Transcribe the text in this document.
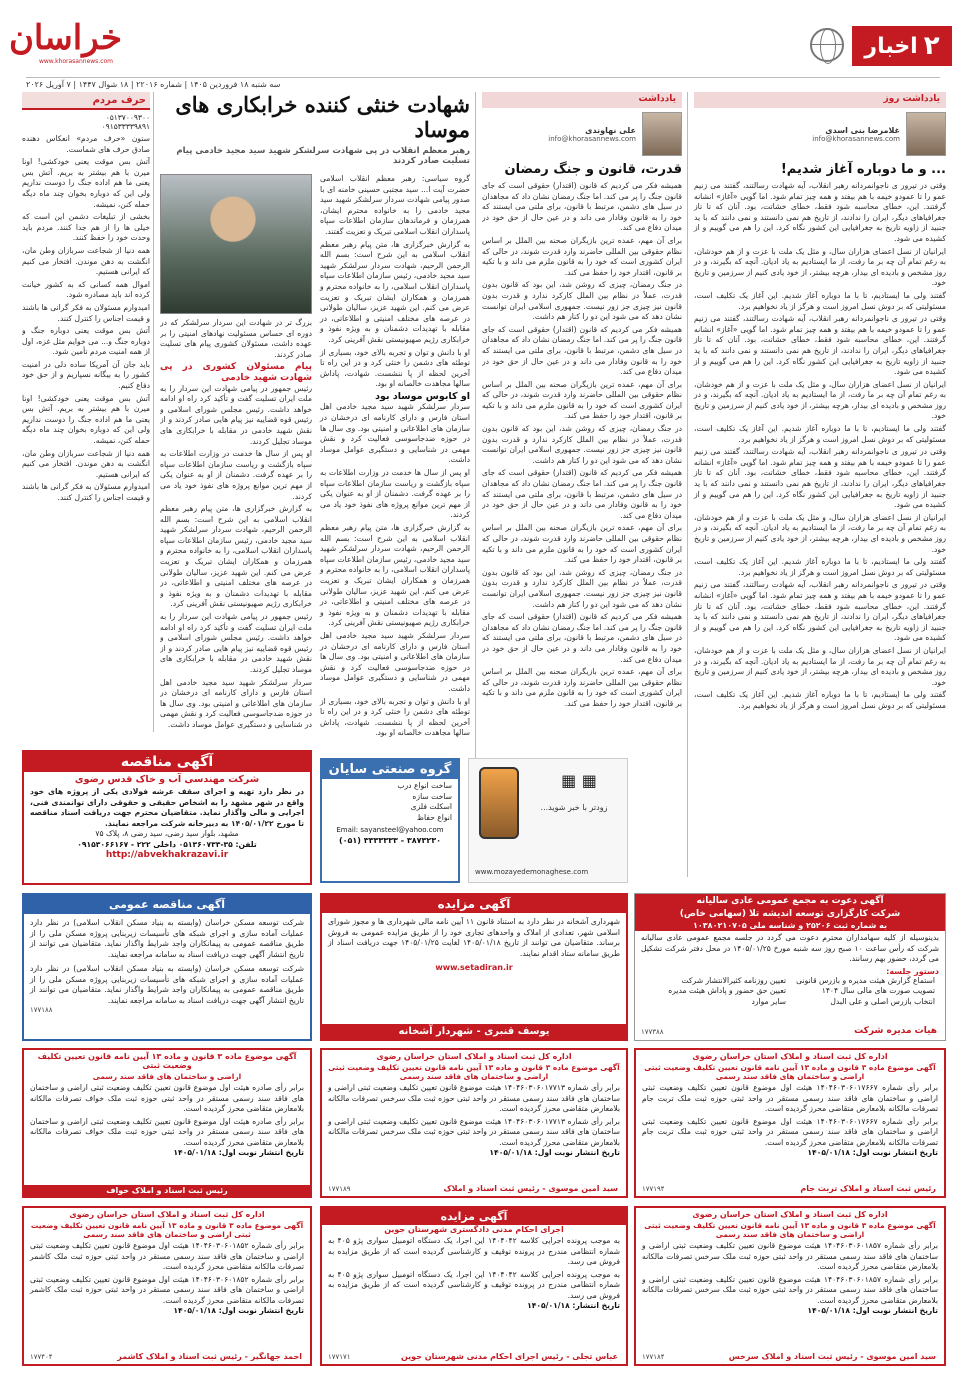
خراسان
www.khorasannews.com
۲
اخبار
سه شنبه ۱۸ فروردین ۱۴۰۵ | شماره ۲۲۰۱۶ | ۱۸ شوال ۱۴۴۷ | ۷ آوریل ۲۰۲۶
یادداشت روز
غلامرضا بنی اسدی
info@khorasannews.com
... و ما دوباره آغاز شدیم!

وقتی در تیرور ی ناجوانمردانه رهبر انقلاب، آیه شهادت رسالتند، گفتند می زنیم عمو را تا عمودو خیمه با هم بیفتد و همه چیز تمام شود. اما گویی «آغاز» انشانه گرفتند. این، خطای محاسبه شود فقط، خطای خشاتت، بود. آنان که تا تاز جغرافیاهای دیگر، ایران را ندادند، از تاریخ هم نمی دانستند و نمی دانند که با ید جنبید از زاویه تاریخ به جغرافیایی این کشور نگاه کرد. این را هم می گوییم و از کشیده می شود.

ایرانیان از نسل اعضای هزاران سال، و مثل یک ملت با عزت و از هم خودشان، به رغم تمام آن چه بر ما رفت، از ما ایستادیم به یاد ادیان. آنچه که بگیرند، و در روز مشخص و بادیده ای بیدار، هرچه بیشتر، از خود یادی کنیم از سرزمین و تاریخ خود.

گفتند ولی ما ایستادیم، تا با ما دوباره آغاز شدیم. این آغاز یک تکلیف است، مسئولیتی که بر دوش نسل امروز است و هرگز از یاد نخواهیم برد.

وقتی در تیرور ی ناجوانمردانه رهبر انقلاب، آیه شهادت رسالتند، گفتند می زنیم عمو را تا عمودو خیمه با هم بیفتد و همه چیز تمام شود. اما گویی «آغاز» انشانه گرفتند. این، خطای محاسبه شود فقط، خطای خشاتت، بود. آنان که تا تاز جغرافیاهای دیگر، ایران را ندادند، از تاریخ هم نمی دانستند و نمی دانند که با ید جنبید از زاویه تاریخ به جغرافیایی این کشور نگاه کرد. این را هم می گوییم و از کشیده می شود.

ایرانیان از نسل اعضای هزاران سال، و مثل یک ملت با عزت و از هم خودشان، به رغم تمام آن چه بر ما رفت، از ما ایستادیم به یاد ادیان. آنچه که بگیرند، و در روز مشخص و بادیده ای بیدار، هرچه بیشتر، از خود یادی کنیم از سرزمین و تاریخ خود.

گفتند ولی ما ایستادیم، تا با ما دوباره آغاز شدیم. این آغاز یک تکلیف است، مسئولیتی که بر دوش نسل امروز است و هرگز از یاد نخواهیم برد.

وقتی در تیرور ی ناجوانمردانه رهبر انقلاب، آیه شهادت رسالتند، گفتند می زنیم عمو را تا عمودو خیمه با هم بیفتد و همه چیز تمام شود. اما گویی «آغاز» انشانه گرفتند. این، خطای محاسبه شود فقط، خطای خشاتت، بود. آنان که تا تاز جغرافیاهای دیگر، ایران را ندادند، از تاریخ هم نمی دانستند و نمی دانند که با ید جنبید از زاویه تاریخ به جغرافیایی این کشور نگاه کرد. این را هم می گوییم و از کشیده می شود.

ایرانیان از نسل اعضای هزاران سال، و مثل یک ملت با عزت و از هم خودشان، به رغم تمام آن چه بر ما رفت، از ما ایستادیم به یاد ادیان. آنچه که بگیرند، و در روز مشخص و بادیده ای بیدار، هرچه بیشتر، از خود یادی کنیم از سرزمین و تاریخ خود.

گفتند ولی ما ایستادیم، تا با ما دوباره آغاز شدیم. این آغاز یک تکلیف است، مسئولیتی که بر دوش نسل امروز است و هرگز از یاد نخواهیم برد.

وقتی در تیرور ی ناجوانمردانه رهبر انقلاب، آیه شهادت رسالتند، گفتند می زنیم عمو را تا عمودو خیمه با هم بیفتد و همه چیز تمام شود. اما گویی «آغاز» انشانه گرفتند. این، خطای محاسبه شود فقط، خطای خشاتت، بود. آنان که تا تاز جغرافیاهای دیگر، ایران را ندادند، از تاریخ هم نمی دانستند و نمی دانند که با ید جنبید از زاویه تاریخ به جغرافیایی این کشور نگاه کرد. این را هم می گوییم و از کشیده می شود.

ایرانیان از نسل اعضای هزاران سال، و مثل یک ملت با عزت و از هم خودشان، به رغم تمام آن چه بر ما رفت، از ما ایستادیم به یاد ادیان. آنچه که بگیرند، و در روز مشخص و بادیده ای بیدار، هرچه بیشتر، از خود یادی کنیم از سرزمین و تاریخ خود.

گفتند ولی ما ایستادیم، تا با ما دوباره آغاز شدیم. این آغاز یک تکلیف است، مسئولیتی که بر دوش نسل امروز است و هرگز از یاد نخواهیم برد.

یادداشت
علی نهاوندی
info@khorasannews.com
قدرت، قانون و جنگ رمضان

همیشه فکر می کردیم که قانون (اقتدار) حقوقی است که جای قانون جنگ را پر می کند. اما جنگ رمضان نشان داد که مجاهدان در سیل های دشمن، مرتبط با قانون، برای ملتی می ایستند که خود را به قانون وفادار می داند و در عین حال از حق خود در میدان دفاع می کند.

برای آن مهم، عمده ترین بازیگران صحنه بین الملل بر اساس نظام حقوقی بین المللی حاضرند وارد قدرت شوند، در حالی که ایران کشوری است که خود را به قانون ملزم می داند و با تکیه بر قانون، اقتدار خود را حفظ می کند.

در جنگ رمضان، چیزی که روشن شد، این بود که قانون بدون قدرت، عملاً در نظام بین الملل کارکرد ندارد و قدرت بدون قانون نیز چیزی جز زور نیست. جمهوری اسلامی ایران توانست نشان دهد که می شود این دو را کنار هم داشت.

همیشه فکر می کردیم که قانون (اقتدار) حقوقی است که جای قانون جنگ را پر می کند. اما جنگ رمضان نشان داد که مجاهدان در سیل های دشمن، مرتبط با قانون، برای ملتی می ایستند که خود را به قانون وفادار می داند و در عین حال از حق خود در میدان دفاع می کند.

برای آن مهم، عمده ترین بازیگران صحنه بین الملل بر اساس نظام حقوقی بین المللی حاضرند وارد قدرت شوند، در حالی که ایران کشوری است که خود را به قانون ملزم می داند و با تکیه بر قانون، اقتدار خود را حفظ می کند.

در جنگ رمضان، چیزی که روشن شد، این بود که قانون بدون قدرت، عملاً در نظام بین الملل کارکرد ندارد و قدرت بدون قانون نیز چیزی جز زور نیست. جمهوری اسلامی ایران توانست نشان دهد که می شود این دو را کنار هم داشت.

همیشه فکر می کردیم که قانون (اقتدار) حقوقی است که جای قانون جنگ را پر می کند. اما جنگ رمضان نشان داد که مجاهدان در سیل های دشمن، مرتبط با قانون، برای ملتی می ایستند که خود را به قانون وفادار می داند و در عین حال از حق خود در میدان دفاع می کند.

برای آن مهم، عمده ترین بازیگران صحنه بین الملل بر اساس نظام حقوقی بین المللی حاضرند وارد قدرت شوند، در حالی که ایران کشوری است که خود را به قانون ملزم می داند و با تکیه بر قانون، اقتدار خود را حفظ می کند.

در جنگ رمضان، چیزی که روشن شد، این بود که قانون بدون قدرت، عملاً در نظام بین الملل کارکرد ندارد و قدرت بدون قانون نیز چیزی جز زور نیست. جمهوری اسلامی ایران توانست نشان دهد که می شود این دو را کنار هم داشت.

همیشه فکر می کردیم که قانون (اقتدار) حقوقی است که جای قانون جنگ را پر می کند. اما جنگ رمضان نشان داد که مجاهدان در سیل های دشمن، مرتبط با قانون، برای ملتی می ایستند که خود را به قانون وفادار می داند و در عین حال از حق خود در میدان دفاع می کند.

برای آن مهم، عمده ترین بازیگران صحنه بین الملل بر اساس نظام حقوقی بین المللی حاضرند وارد قدرت شوند، در حالی که ایران کشوری است که خود را به قانون ملزم می داند و با تکیه بر قانون، اقتدار خود را حفظ می کند.

شهادت خنثی کننده خرابکاری های موساد
رهبر معظم انقلاب در پی شهادت سرلشکر شهید سید مجید خادمی پیام تسلیت صادر کردند

گروه سیاسی: رهبر معظم انقلاب اسلامی حضرت آیت ا... سید مجتبی حسینی خامنه ای با صدور پیامی شهادت سردار سرلشکر شهید سید مجید خادمی را به خانواده محترم ایشان، همرزمان و فرماندهان سازمان اطلاعات سپاه پاسداران انقلاب اسلامی تبریک و تعزیت گفتند.

به گزارش خبرگزاری ها، متن پیام رهبر معظم انقلاب اسلامی به این شرح است: بسم الله الرحمن الرحیم، شهادت سردار سرلشکر شهید سید مجید خادمی، رئیس سازمان اطلاعات سپاه پاسداران انقلاب اسلامی، را به خانواده محترم و همرزمان و همکاران ایشان تبریک و تعزیت عرض می کنم. این شهید عزیز، سالیان طولانی در عرصه های مختلف امنیتی و اطلاعاتی، در مقابله با تهدیدات دشمنان و به ویژه نفوذ و خرابکاری رژیم صهیونیستی نقش آفرینی کرد.

او با دانش و توان و تجربه بالای خود، بسیاری از توطئه های دشمن را خنثی کرد و در این راه تا آخرین لحظه از پا ننشست. شهادت، پاداش سالها مجاهدت خالصانه او بود.

او کابوس موساد بود

سردار سرلشکر شهید سید مجید خادمی اهل استان فارس و دارای کارنامه ای درخشان در سازمان های اطلاعاتی و امنیتی بود. وی سال ها در حوزه ضدجاسوسی فعالیت کرد و نقش مهمی در شناسایی و دستگیری عوامل موساد داشت.

او پس از سال ها خدمت در وزارت اطلاعات به سپاه بازگشت و ریاست سازمان اطلاعات سپاه را بر عهده گرفت. دشمنان از او به عنوان یکی از مهم ترین موانع پروژه های نفوذ خود یاد می کردند.

به گزارش خبرگزاری ها، متن پیام رهبر معظم انقلاب اسلامی به این شرح است: بسم الله الرحمن الرحیم، شهادت سردار سرلشکر شهید سید مجید خادمی، رئیس سازمان اطلاعات سپاه پاسداران انقلاب اسلامی، را به خانواده محترم و همرزمان و همکاران ایشان تبریک و تعزیت عرض می کنم. این شهید عزیز، سالیان طولانی در عرصه های مختلف امنیتی و اطلاعاتی، در مقابله با تهدیدات دشمنان و به ویژه نفوذ و خرابکاری رژیم صهیونیستی نقش آفرینی کرد.

سردار سرلشکر شهید سید مجید خادمی اهل استان فارس و دارای کارنامه ای درخشان در سازمان های اطلاعاتی و امنیتی بود. وی سال ها در حوزه ضدجاسوسی فعالیت کرد و نقش مهمی در شناسایی و دستگیری عوامل موساد داشت.

او با دانش و توان و تجربه بالای خود، بسیاری از توطئه های دشمن را خنثی کرد و در این راه تا آخرین لحظه از پا ننشست. شهادت، پاداش سالها مجاهدت خالصانه او بود.

بزرگ تر در شهادت این سردار سرلشکر که در دوره ای حساس مسئولیت نهادهای امنیتی را بر عهده داشت، مسئولان کشوری پیام های تسلیت صادر کردند.

پیام مسئولان کشوری در پی شهادت شهید خادمی

رئیس جمهور در پیامی شهادت این سردار را به ملت ایران تسلیت گفت و تأکید کرد راه او ادامه خواهد داشت. رئیس مجلس شورای اسلامی و رئیس قوه قضاییه نیز پیام هایی صادر کردند و از نقش شهید خادمی در مقابله با خرابکاری های موساد تجلیل کردند.

او پس از سال ها خدمت در وزارت اطلاعات به سپاه بازگشت و ریاست سازمان اطلاعات سپاه را بر عهده گرفت. دشمنان از او به عنوان یکی از مهم ترین موانع پروژه های نفوذ خود یاد می کردند.

به گزارش خبرگزاری ها، متن پیام رهبر معظم انقلاب اسلامی به این شرح است: بسم الله الرحمن الرحیم، شهادت سردار سرلشکر شهید سید مجید خادمی، رئیس سازمان اطلاعات سپاه پاسداران انقلاب اسلامی، را به خانواده محترم و همرزمان و همکاران ایشان تبریک و تعزیت عرض می کنم. این شهید عزیز، سالیان طولانی در عرصه های مختلف امنیتی و اطلاعاتی، در مقابله با تهدیدات دشمنان و به ویژه نفوذ و خرابکاری رژیم صهیونیستی نقش آفرینی کرد.

رئیس جمهور در پیامی شهادت این سردار را به ملت ایران تسلیت گفت و تأکید کرد راه او ادامه خواهد داشت. رئیس مجلس شورای اسلامی و رئیس قوه قضاییه نیز پیام هایی صادر کردند و از نقش شهید خادمی در مقابله با خرابکاری های موساد تجلیل کردند.

سردار سرلشکر شهید سید مجید خادمی اهل استان فارس و دارای کارنامه ای درخشان در سازمان های اطلاعاتی و امنیتی بود. وی سال ها در حوزه ضدجاسوسی فعالیت کرد و نقش مهمی در شناسایی و دستگیری عوامل موساد داشت.

حرف مردم
۰۵۱۳۷۰۰۹۳۰۰
۰۹۱۵۳۳۳۳۹۸۹۱

ستون «حرف مردم» انعکاس دهنده صادق حرف های شماست.

آتش بس موقت یعنی خودکشی! اونا میرن با هم بیشتر به بریم. آتش بس یعنی ما هم اداده جنگ را دوست نداریم ولی این که دوباره بخوان چند ماه دیگه حمله کنن، نمیشه.

بخشی از تبلیغات دشمن این است که خیلی ها را از هم جدا کنند. مردم باید وحدت خود را حفظ کنند.

همه دنیا از شجاعت سربازان وطن مان، انگشت به دهن موندن. افتخار می کنیم که ایرانی هستیم.

اموال همه کسانی که به کشور خیانت کرده اند باید مصادره شود.

امیدوارم مسئولان به فکر گرانی ها باشند و قیمت اجناس را کنترل کنند.

آتش بس موقت یعنی دوباره جنگ و دوباره جنگ و... می خوایم مثل غزه، اول از همه امنیت مردم تأمین شود.

باید جان آن آمریکا ساده دلی در امنیت کشور را به بیگانه نسپاریم و از حق خود دفاع کنیم.

آتش بس موقت یعنی خودکشی! اونا میرن با هم بیشتر به بریم. آتش بس یعنی ما هم اداده جنگ را دوست نداریم ولی این که دوباره بخوان چند ماه دیگه حمله کنن، نمیشه.

همه دنیا از شجاعت سربازان وطن مان، انگشت به دهن موندن. افتخار می کنیم که ایرانی هستیم.

امیدوارم مسئولان به فکر گرانی ها باشند و قیمت اجناس را کنترل کنند.

آگهی مناقصه
شرکت مهندسی آب و خاک قدس رضوی
در نظر دارد تهیه و اجرای سقف عرشه فولادی یکی از پروژه های خود واقع در شهر مشهد را به اشخاص حقیقی و حقوقی دارای توانمندی فنی، اجرایی و مالی واگذار نماید. متقاضیان محترم جهت دریافت اسناد مناقصه تا مورخ ۱۴۰۵/۰۱/۲۲ به دبیرخانه شرکت مراجعه نمایند.
مشهد، بلوار سید رضی، سید رضی ۸، پلاک ۷۵
تلفن: ۳۵-۰۵۱۳۶۰۷۳۳ داخلی ۲۲۲ - ۰۹۱۵۳۰۶۶۱۶۷
http://abvekhakrazavi.ir
گروه صنعتی سایان
ساخت انواع درب
ساخت سازه
اسکلت فلزی
انواع حفاظ
Email: sayansteel@yahoo.com
۳۸۷۳۲۳۰ - ۳۳۳۳۳۳۳ (۰۵۱)
▦ ▦
زودتر با خبر شوید...
www.mozayedemonaghese.com
آگهی مناقصه عمومی
شرکت توسعه مسکن خراسان (وابسته به بنیاد مسکن انقلاب اسلامی) در نظر دارد عملیات آماده سازی و اجرای شبکه های تأسیسات زیربنایی پروژه مسکن ملی را از طریق مناقصه عمومی به پیمانکاران واجد شرایط واگذار نماید. متقاضیان می توانند از تاریخ انتشار آگهی جهت دریافت اسناد به سامانه مراجعه نمایند.
شرکت توسعه مسکن خراسان (وابسته به بنیاد مسکن انقلاب اسلامی) در نظر دارد عملیات آماده سازی و اجرای شبکه های تأسیسات زیربنایی پروژه مسکن ملی را از طریق مناقصه عمومی به پیمانکاران واجد شرایط واگذار نماید. متقاضیان می توانند از تاریخ انتشار آگهی جهت دریافت اسناد به سامانه مراجعه نمایند.
۱۷۷۱۸۸
آگهی مزایده
شهرداری آشخانه در نظر دارد به استناد قانون ۱۱ آیین نامه مالی شهرداری ها و مجوز شورای اسلامی شهر، تعدادی از املاک و واحدهای تجاری خود را از طریق مزایده عمومی به فروش برساند. متقاضیان می توانند از تاریخ ۱۴۰۵/۰۱/۱۸ لغایت ۱۴۰۵/۰۱/۲۵ جهت دریافت اسناد از طریق سامانه ستاد اقدام نمایند.
www.setadiran.ir
یوسف قنبری - شهردار آشخانه
آگهی دعوت به مجمع عمومی عادی سالیانه
شرکت کارگزاری توسعه اندیشه تلا (سهامی خاص)
به شماره ثبت ۲۵۲۰۶ و شناسه ملی ۱۰۳۸۰۲۱۰۷۰۵
بدینوسیله از کلیه سهامداران محترم دعوت می گردد در جلسه مجمع عمومی عادی سالیانه شرکت که رأس ساعت ۱۰ صبح روز سه شنبه مورخ ۱۴۰۵/۰۱/۲۵ در محل دفتر شرکت تشکیل می گردد، حضور بهم رسانند.
دستور جلسه:
استماع گزارش هیئت مدیره و بازرس قانونی
تصویب صورت های مالی سال ۱۴۰۴
انتخاب بازرس اصلی و علی البدل
تعیین روزنامه کثیرالانتشار شرکت
تعیین حق حضور و پاداش هیئت مدیره
سایر موارد
هیات مدیره شرکت
۱۷۷۳۸۸
آگهی موضوع ماده ۳ قانون و ماده ۱۳ آیین نامه قانون تعیین تکلیف وضعیت ثبتی
اراضی و ساختمان های فاقد سند رسمی
برابر رأی صادره هیئت اول موضوع قانون تعیین تکلیف وضعیت ثبتی اراضی و ساختمان های فاقد سند رسمی مستقر در واحد ثبتی حوزه ثبت ملک خواف تصرفات مالکانه بلامعارض متقاضی محرز گردیده است.
برابر رأی صادره هیئت اول موضوع قانون تعیین تکلیف وضعیت ثبتی اراضی و ساختمان های فاقد سند رسمی مستقر در واحد ثبتی حوزه ثبت ملک خواف تصرفات مالکانه بلامعارض متقاضی محرز گردیده است.
تاریخ انتشار نوبت اول: ۱۴۰۵/۰۱/۱۸
رئیس ثبت اسناد و املاک خواف
اداره کل ثبت اسناد و املاک استان خراسان رضوی
آگهی موضوع ماده ۳ قانون و ماده ۱۳ آیین نامه قانون تعیین تکلیف وضعیت ثبتی اراضی و ساختمان های فاقد سند رسمی
برابر رأی شماره ۱۴۰۴۶۰۳۰۶۰۱۷۷۱۳ هیئت موضوع قانون تعیین تکلیف وضعیت ثبتی اراضی و ساختمان های فاقد سند رسمی مستقر در واحد ثبتی حوزه ثبت ملک سرخس تصرفات مالکانه بلامعارض متقاضی محرز گردیده است.
برابر رأی شماره ۱۴۰۴۶۰۳۰۶۰۱۷۷۱۳ هیئت موضوع قانون تعیین تکلیف وضعیت ثبتی اراضی و ساختمان های فاقد سند رسمی مستقر در واحد ثبتی حوزه ثبت ملک سرخس تصرفات مالکانه بلامعارض متقاضی محرز گردیده است.
تاریخ انتشار نوبت اول: ۱۴۰۵/۰۱/۱۸
سید امین موسوی - رئیس ثبت اسناد و املاک
۱۷۷۱۸۹
اداره کل ثبت اسناد و املاک استان خراسان رضوی
آگهی موضوع ماده ۳ قانون و ماده ۱۳ آیین نامه قانون تعیین تکلیف وضعیت ثبتی اراضی و ساختمان های فاقد سند رسمی
برابر رأی شماره ۱۴۰۴۶۰۳۰۶۰۱۷۶۶۷ هیئت اول موضوع قانون تعیین تکلیف وضعیت ثبتی اراضی و ساختمان های فاقد سند رسمی مستقر در واحد ثبتی حوزه ثبت ملک تربت جام تصرفات مالکانه بلامعارض متقاضی محرز گردیده است.
برابر رأی شماره ۱۴۰۴۶۰۳۰۶۰۱۷۶۶۷ هیئت اول موضوع قانون تعیین تکلیف وضعیت ثبتی اراضی و ساختمان های فاقد سند رسمی مستقر در واحد ثبتی حوزه ثبت ملک تربت جام تصرفات مالکانه بلامعارض متقاضی محرز گردیده است.
تاریخ انتشار نوبت اول: ۱۴۰۵/۰۱/۱۸
رئیس ثبت اسناد و املاک تربت جام
۱۷۷۱۹۴
اداره کل ثبت اسناد و املاک استان خراسان رضوی
آگهی موضوع ماده ۳ قانون و ماده ۱۳ آیین نامه قانون تعیین تکلیف وضعیت ثبتی اراضی و ساختمان های فاقد سند رسمی
برابر رأی شماره ۱۴۰۴۶۰۳۰۶۰۱۸۵۲ هیئت اول موضوع قانون تعیین تکلیف وضعیت ثبتی اراضی و ساختمان های فاقد سند رسمی مستقر در واحد ثبتی حوزه ثبت ملک کاشمر تصرفات مالکانه متقاضی محرز گردیده است.
برابر رأی شماره ۱۴۰۴۶۰۳۰۶۰۱۸۵۲ هیئت اول موضوع قانون تعیین تکلیف وضعیت ثبتی اراضی و ساختمان های فاقد سند رسمی مستقر در واحد ثبتی حوزه ثبت ملک کاشمر تصرفات مالکانه متقاضی محرز گردیده است.
تاریخ انتشار نوبت اول: ۱۴۰۵/۰۱/۱۸
احمد جهانگیر - رئیس ثبت اسناد و املاک کاشمر
۱۷۷۴۰۴
آگهی مزایده
اجرای احکام مدنی دادگستری شهرستان جوین
به موجب پرونده اجرایی کلاسه ۱۴۰۴۰۴۲ این اجرا، یک دستگاه اتومبیل سواری پژو ۴۰۵ به شماره انتظامی مندرج در پرونده توقیف و کارشناسی گردیده است که از طریق مزایده به فروش می رسد.
به موجب پرونده اجرایی کلاسه ۱۴۰۴۰۴۲ این اجرا، یک دستگاه اتومبیل سواری پژو ۴۰۵ به شماره انتظامی مندرج در پرونده توقیف و کارشناسی گردیده است که از طریق مزایده به فروش می رسد.
تاریخ انتشار: ۱۴۰۵/۰۱/۱۸
عباس تجلی - رئیس اجرای احکام مدنی شهرستان جوین
۱۷۷۱۷۱
اداره کل ثبت اسناد و املاک استان خراسان رضوی
آگهی موضوع ماده ۳ قانون و ماده ۱۳ آیین نامه قانون تعیین تکلیف وضعیت ثبتی اراضی و ساختمان های فاقد سند رسمی
برابر رأی شماره ۱۴۰۴۶۰۳۰۶۰۱۸۵۷ هیئت موضوع قانون تعیین تکلیف وضعیت ثبتی اراضی و ساختمان های فاقد سند رسمی مستقر در واحد ثبتی حوزه ثبت ملک سرخس تصرفات مالکانه بلامعارض متقاضی محرز گردیده است.
برابر رأی شماره ۱۴۰۴۶۰۳۰۶۰۱۸۵۷ هیئت موضوع قانون تعیین تکلیف وضعیت ثبتی اراضی و ساختمان های فاقد سند رسمی مستقر در واحد ثبتی حوزه ثبت ملک سرخس تصرفات مالکانه بلامعارض متقاضی محرز گردیده است.
تاریخ انتشار نوبت اول: ۱۴۰۵/۰۱/۱۸
سید امین موسوی - رئیس ثبت اسناد و املاک سرخس
۱۷۷۱۸۴
